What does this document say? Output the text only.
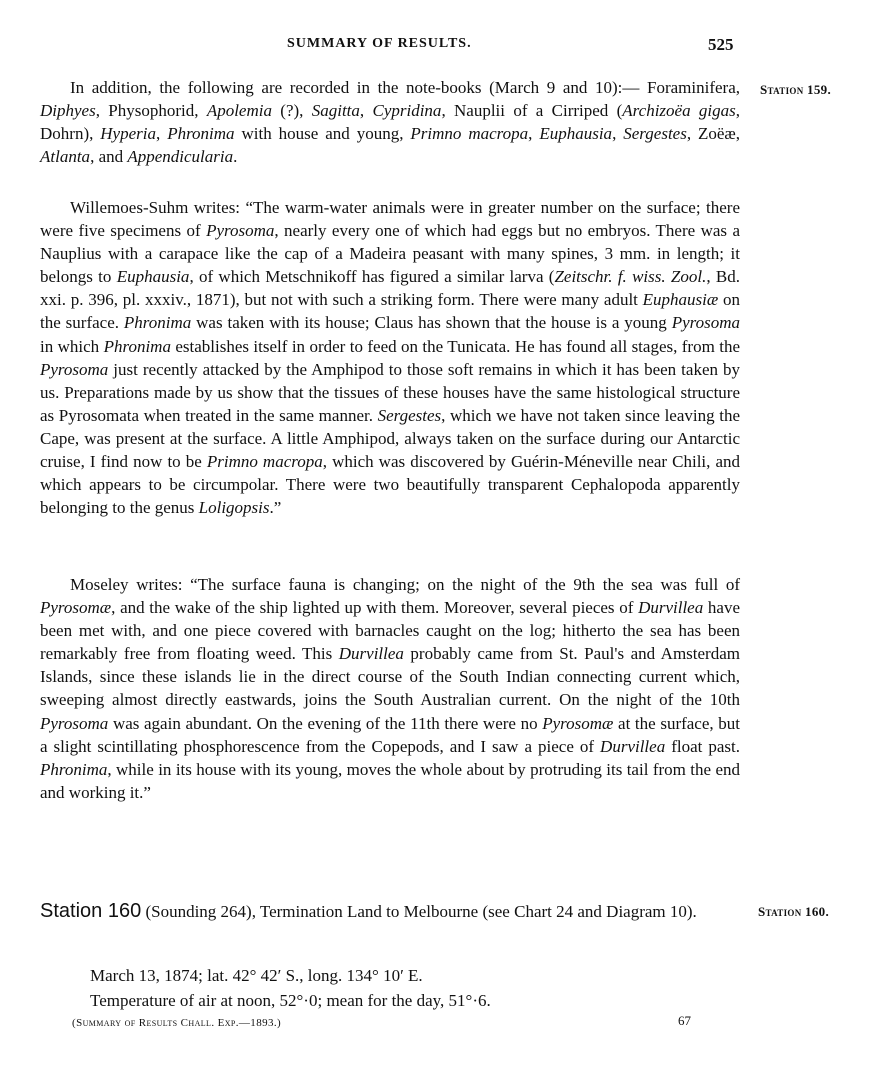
SUMMARY OF RESULTS.	525
Station 159.

In addition, the following are recorded in the note-books (March 9 and 10):— Foraminifera, Diphyes, Physophorid, Apolemia (?), Sagitta, Cypridina, Nauplii of a Cirriped (Archizoëa gigas, Dohrn), Hyperia, Phronima with house and young, Primno macropa, Euphausia, Sergestes, Zoëæ, Atlanta, and Appendicularia.

Willemoes-Suhm writes: “The warm-water animals were in greater number on the surface; there were five specimens of Pyrosoma, nearly every one of which had eggs but no embryos. There was a Nauplius with a carapace like the cap of a Madeira peasant with many spines, 3 mm. in length; it belongs to Euphausia, of which Metschnikoff has figured a similar larva (Zeitschr. f. wiss. Zool., Bd. xxi. p. 396, pl. xxxiv., 1871), but not with such a striking form. There were many adult Euphausiæ on the surface. Phronima was taken with its house; Claus has shown that the house is a young Pyrosoma in which Phronima establishes itself in order to feed on the Tunicata. He has found all stages, from the Pyrosoma just recently attacked by the Amphipod to those soft remains in which it has been taken by us. Preparations made by us show that the tissues of these houses have the same histological structure as Pyrosomata when treated in the same manner. Sergestes, which we have not taken since leaving the Cape, was present at the surface. A little Amphipod, always taken on the surface during our Antarctic cruise, I find now to be Primno macropa, which was discovered by Guérin-Méneville near Chili, and which appears to be circumpolar. There were two beautifully transparent Cephalopoda apparently belonging to the genus Loligopsis.”

Moseley writes: “The surface fauna is changing; on the night of the 9th the sea was full of Pyrosomæ, and the wake of the ship lighted up with them. Moreover, several pieces of Durvillea have been met with, and one piece covered with barnacles caught on the log; hitherto the sea has been remarkably free from floating weed. This Durvillea probably came from St. Paul's and Amsterdam Islands, since these islands lie in the direct course of the South Indian connecting current which, sweeping almost directly eastwards, joins the South Australian current. On the night of the 10th Pyrosoma was again abundant. On the evening of the 11th there were no Pyrosomæ at the surface, but a slight scintillating phosphorescence from the Copepods, and I saw a piece of Durvillea float past. Phronima, while in its house with its young, moves the whole about by protruding its tail from the end and working it.”

Station 160.
Station 160 (Sounding 264), Termination Land to Melbourne (see Chart 24 and Diagram 10).
March 13, 1874; lat. 42° 42′ S., long. 134° 10′ E.
Temperature of air at noon, 52°·0; mean for the day, 51°·6.
(Summary of Results Chall. Exp.—1893.)	67
